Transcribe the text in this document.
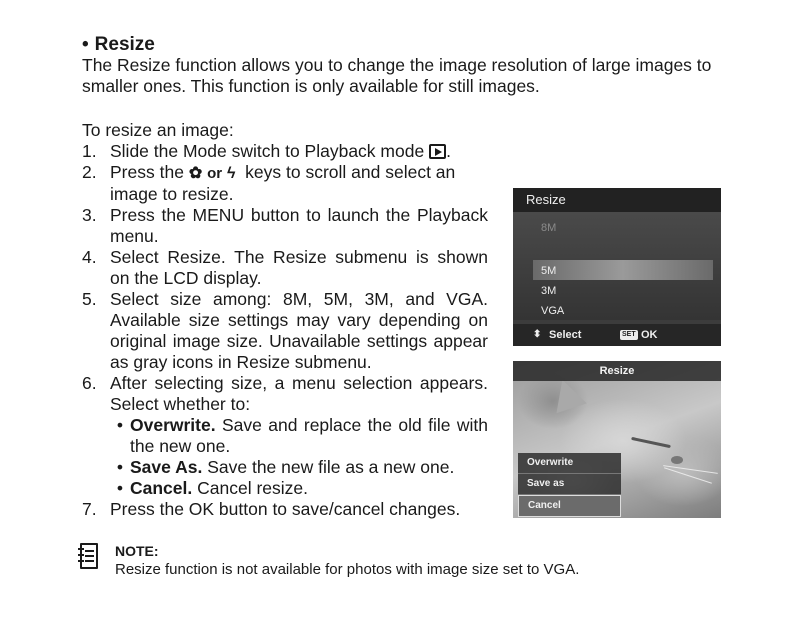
• Resize
The Resize function allows you to change the image resolution of large images to smaller ones. This function is only available for still images.
To resize an image:
1. Slide the Mode switch to Playback mode .
2. Press the ✿ or ϟ keys to scroll and select an image to resize.
3. Press the MENU button to launch the Playback menu.
4. Select Resize. The Resize submenu is shown on the LCD display.
5. Select size among: 8M, 5M, 3M, and VGA. Available size settings may vary depending on original image size. Unavailable settings appear as gray icons in Resize submenu.
6. After selecting size, a menu selection appears. Select whether to:
• Overwrite. Save and replace the old file with the new one.
• Save As. Save the new file as a new one.
• Cancel. Cancel resize.
7. Press the OK button to save/cancel changes.
Resize
8M
5M
3M
VGA
⬍ Select	SET OK
Resize
Overwrite
Save as
Cancel
NOTE:
Resize function is not available for photos with image size set to VGA.
